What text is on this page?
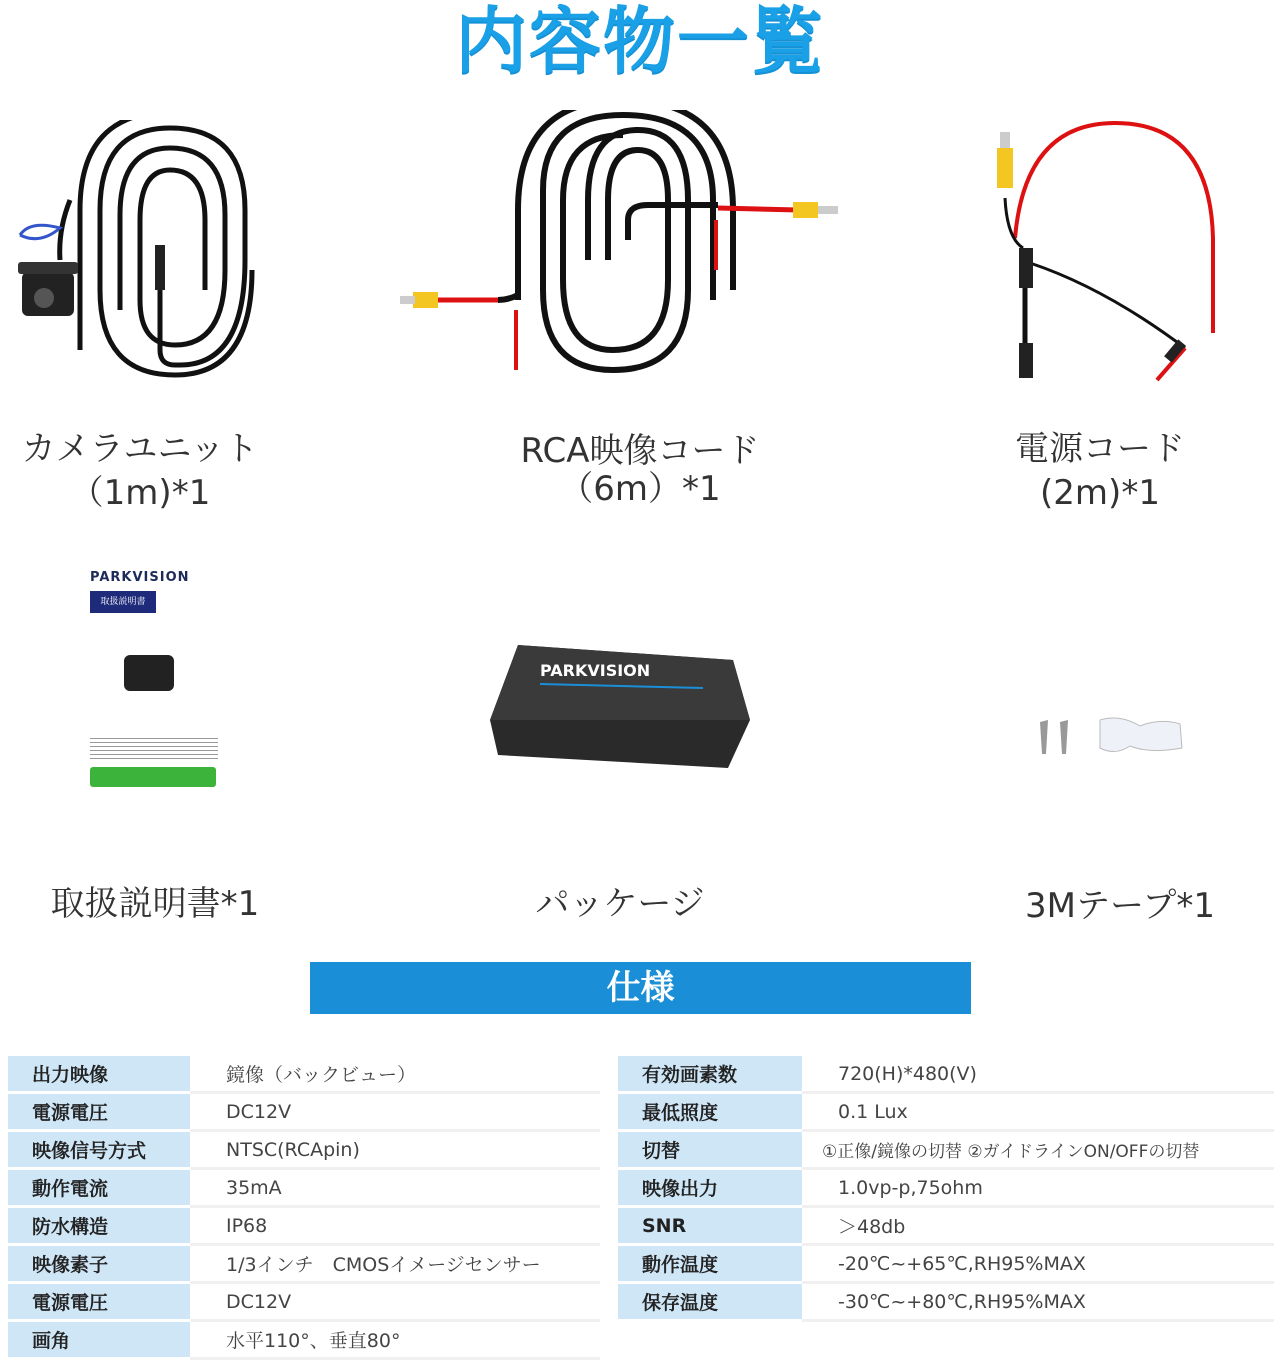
内容物一覧
カメラユニット
（1m)*1
RCA映像コード
（6m）*1
電源コード
(2m)*1
PARKVISION
取扱説明書
PARKVISION
取扱説明書*1	パッケージ	3Mテープ*1
仕様
出力映像	鏡像（バックビュー）
電源電圧	DC12V
映像信号方式	NTSC(RCApin)
動作電流	35mA
防水構造	IP68
映像素子	1/3インチ　CMOSイメージセンサー
電源電圧	DC12V
画角	水平110°、垂直80°
有効画素数	720(H)*480(V)
最低照度	0.1 Lux
切替	①正像/鏡像の切替 ②ガイドラインON/OFFの切替
映像出力	1.0vp-p,75ohm
SNR	＞48db
動作温度	-20℃~+65℃,RH95%MAX
保存温度	-30℃~+80℃,RH95%MAX
